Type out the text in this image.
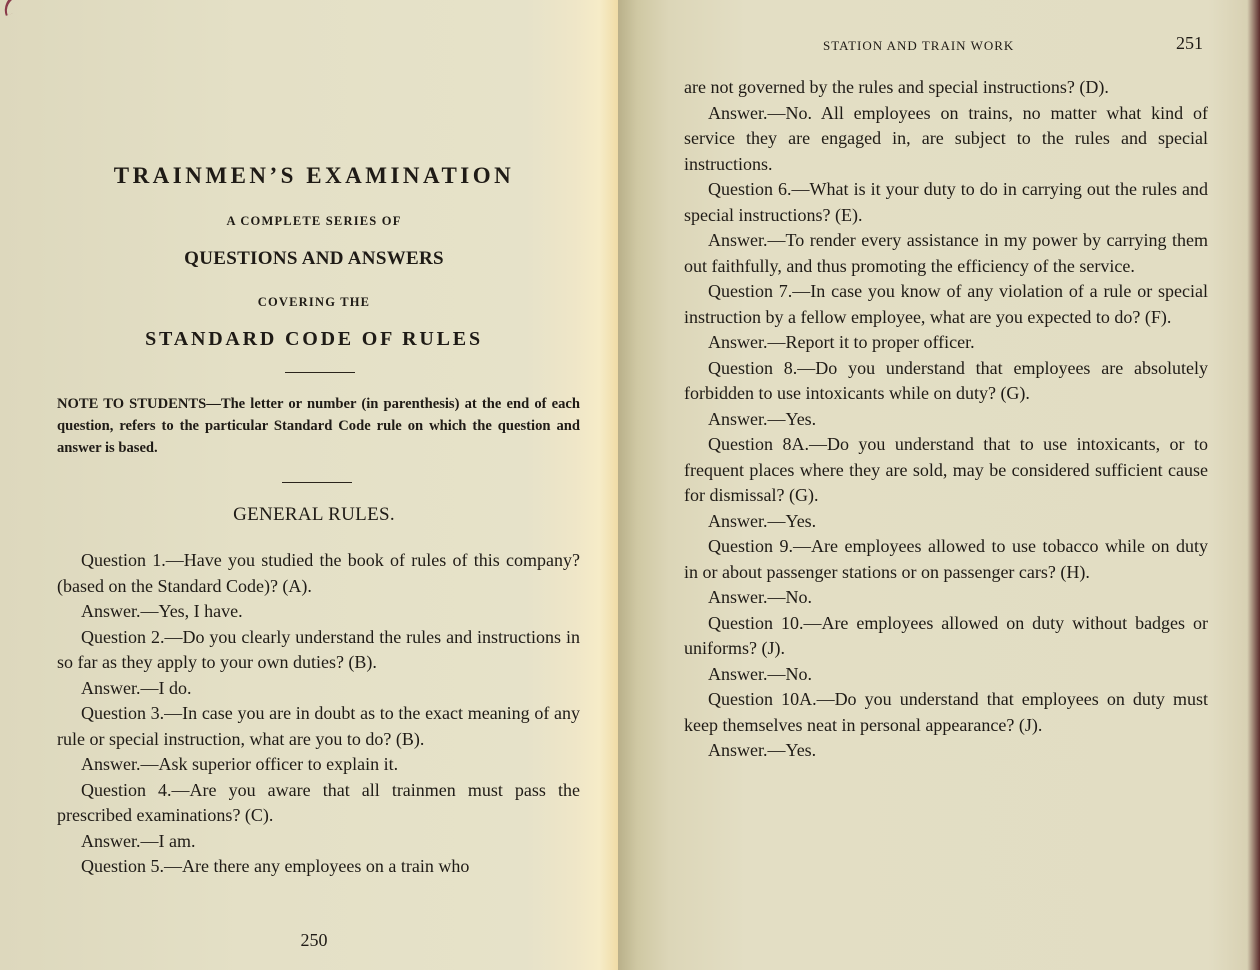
TRAINMEN’S EXAMINATION
A COMPLETE SERIES OF
QUESTIONS AND ANSWERS
COVERING THE
STANDARD CODE OF RULES
NOTE TO STUDENTS—The letter or number (in parenthesis) at the end of each question, refers to the particular Standard Code rule on which the question and answer is based.
GENERAL RULES.

Question 1.—Have you studied the book of rules of this company? (based on the Standard Code)? (A).

Answer.—Yes, I have.

Question 2.—Do you clearly understand the rules and instructions in so far as they apply to your own duties? (B).

Answer.—I do.

Question 3.—In case you are in doubt as to the exact meaning of any rule or special instruction, what are you to do? (B).

Answer.—Ask superior officer to explain it.

Question 4.—Are you aware that all trainmen must pass the prescribed examinations? (C).

Answer.—I am.

Question 5.—Are there any employees on a train who

250
STATION AND TRAIN WORK	251

are not governed by the rules and special instructions? (D).

Answer.—No. All employees on trains, no matter what kind of service they are engaged in, are subject to the rules and special instructions.

Question 6.—What is it your duty to do in carrying out the rules and special instructions? (E).

Answer.—To render every assistance in my power by carrying them out faithfully, and thus promoting the efficiency of the service.

Question 7.—In case you know of any violation of a rule or special instruction by a fellow employee, what are you expected to do? (F).

Answer.—Report it to proper officer.

Question 8.—Do you understand that employees are absolutely forbidden to use intoxicants while on duty? (G).

Answer.—Yes.

Question 8A.—Do you understand that to use intoxicants, or to frequent places where they are sold, may be considered sufficient cause for dismissal? (G).

Answer.—Yes.

Question 9.—Are employees allowed to use tobacco while on duty in or about passenger stations or on passenger cars? (H).

Answer.—No.

Question 10.—Are employees allowed on duty without badges or uniforms? (J).

Answer.—No.

Question 10A.—Do you understand that employees on duty must keep themselves neat in personal appearance? (J).

Answer.—Yes.
